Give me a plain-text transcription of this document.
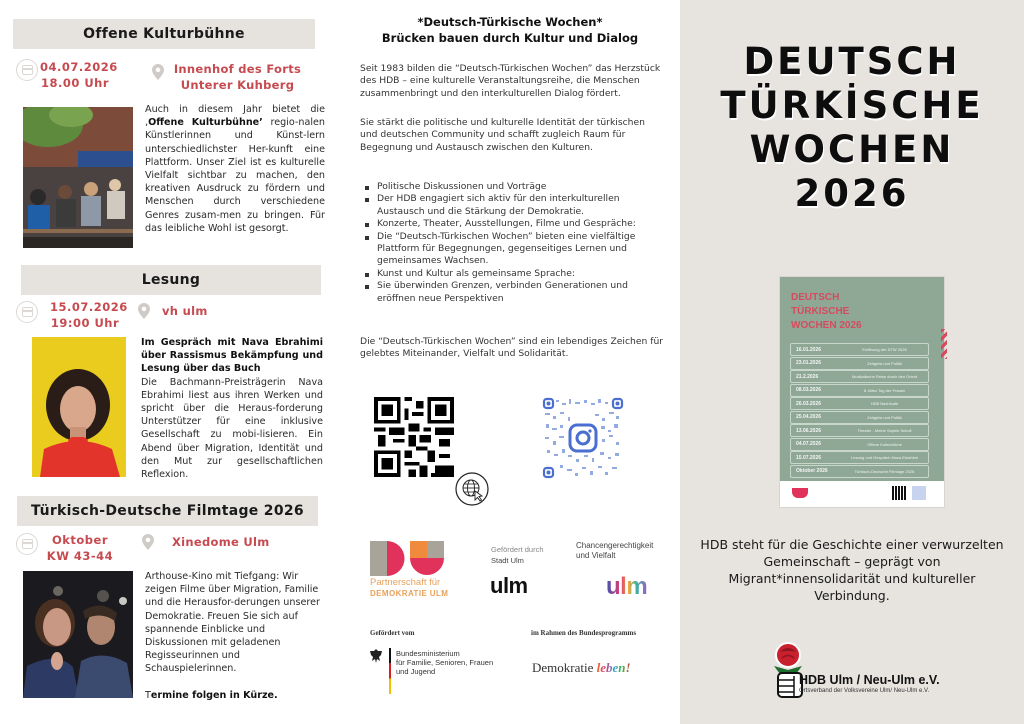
Offene Kulturbühne
04.07.2026
18.00 Uhr
Innenhof des Forts
Unterer Kuhberg
Auch in diesem Jahr bietet die ‚Offene Kulturbühne’ regio-nalen Künstlerinnen und Künst-lern unterschiedlichster Her-kunft eine Plattform. Unser Ziel ist es kulturelle Vielfalt sichtbar zu machen, den kreativen Ausdruck zu fördern und Menschen durch verschiedene Genres zusam-men zu bringen. Für das leibliche Wohl ist gesorgt.
Lesung
15.07.2026
19:00 Uhr
vh ulm
Im Gespräch mit Nava Ebrahimi über Rassismus Bekämpfung und Lesung über das Buch
Die Bachmann-Preisträgerin Nava Ebrahimi liest aus ihren Werken und spricht über die Heraus-forderung Unterstützer für eine inklusive Gesellschaft zu mobi-lisieren. Ein Abend über Migration, Identität und den Mut zur gesellschaftlichen Reflexion.
Türkisch-Deutsche Filmtage 2026
Oktober
KW 43-44
Xinedome Ulm
Arthouse-Kino mit Tiefgang: Wir zeigen Filme über Migration, Familie und die Herausfor-derungen unserer Demokratie. Freuen Sie sich auf spannende Einblicke und Diskussionen mit geladenen Regisseurinnen und Schauspielerinnen.
Termine folgen in Kürze.
*Deutsch-Türkische Wochen*
Brücken bauen durch Kultur und Dialog
Seit 1983 bilden die “Deutsch-Türkischen Wochen” das Herzstück des HDB – eine kulturelle Veranstaltungsreihe, die Menschen zusammenbringt und den interkulturellen Dialog fördert.
Sie stärkt die politische und kulturelle Identität der türkischen und deutschen Community und schafft zugleich Raum für Begegnung und Austausch zwischen den Kulturen.
Politische Diskussionen und Vorträge
Der HDB engagiert sich aktiv für den interkulturellen Austausch und die Stärkung der Demokratie.
Konzerte, Theater, Ausstellungen, Filme und Gespräche:
Die “Deutsch-Türkischen Wochen” bieten eine vielfältige Plattform für Begegnungen, gegenseitiges Lernen und gemeinsames Wachsen.
Kunst und Kultur als gemeinsame Sprache:
Sie überwinden Grenzen, verbinden Generationen und eröffnen neue Perspektiven
Die “Deutsch-Türkischen Wochen” sind ein lebendiges Zeichen für gelebtes Miteinander, Vielfalt und Solidarität.
Partnerschaft für
DEMOKRATIE ULM
Gefördert durch
Stadt Ulm
ulm
Chancengerechtigkeit
und Vielfalt
ulm
Gefördert vom
Bundesministerium
für Familie, Senioren, Frauen
und Jugend
im Rahmen des Bundesprogramms
Demokratie leben!
DEUTSCH
TÜRKİSCHE
WOCHEN
2026
DEUTSCH
TÜRKISCHE
WOCHEN 2026
16.01.2026	Eröffnung der DTW 2026
23.01.2026	Zeitgeist und Politik
21.2.2026	Musikalische Reise durch den Orient
08.03.2026	8. März Tag der Frauen
26.03.2026	HDB Nachtcafé
25.04.2026	Zeitgeist und Politik
13.06.2026	Theater - Meine Sophie Scholl
04.07.2026	Offene Kulturbühne
15.07.2026	Lesung und Gespräch Nava Ebrahimi
Oktober 2026	Türkisch-Deutsche Filmtage 2026
HDB steht für die Geschichte einer verwurzelten Gemeinschaft – geprägt von Migrant*innensolidarität und kultureller Verbindung.
HDB Ulm / Neu-Ulm e.V.
Ortsverband der Volksvereine Ulm/ Neu-Ulm e.V.
